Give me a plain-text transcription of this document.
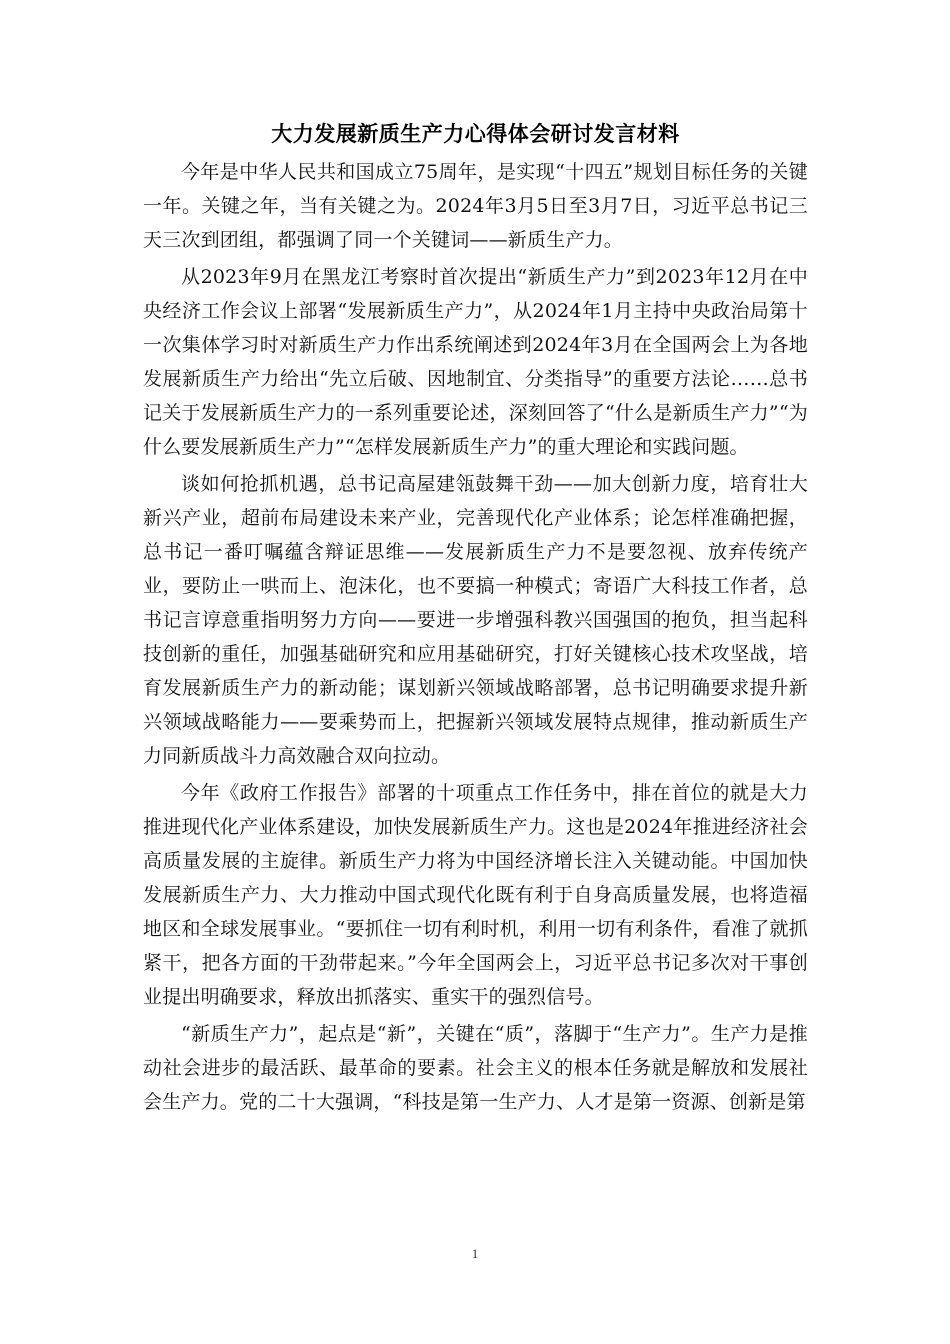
大力发展新质生产力心得体会研讨发言材料

今年是中华人民共和国成立75周年，是实现“十四五”规划目标任务的关键一年。关键之年，当有关键之为。2024年3月5日至3月7日，习近平总书记三天三次到团组，都强调了同一个关键词——新质生产力。

从2023年9月在黑龙江考察时首次提出“新质生产力”到2023年12月在中央经济工作会议上部署“发展新质生产力”，从2024年1月主持中央政治局第十一次集体学习时对新质生产力作出系统阐述到2024年3月在全国两会上为各地发展新质生产力给出“先立后破、因地制宜、分类指导”的重要方法论……总书记关于发展新质生产力的一系列重要论述，深刻回答了“什么是新质生产力”“为什么要发展新质生产力”“怎样发展新质生产力”的重大理论和实践问题。

谈如何抢抓机遇，总书记高屋建瓴鼓舞干劲——加大创新力度，培育壮大新兴产业，超前布局建设未来产业，完善现代化产业体系；论怎样准确把握，总书记一番叮嘱蕴含辩证思维——发展新质生产力不是要忽视、放弃传统产业，要防止一哄而上、泡沫化，也不要搞一种模式；寄语广大科技工作者，总书记言谆意重指明努力方向——要进一步增强科教兴国强国的抱负，担当起科技创新的重任，加强基础研究和应用基础研究，打好关键核心技术攻坚战，培育发展新质生产力的新动能；谋划新兴领域战略部署，总书记明确要求提升新兴领域战略能力——要乘势而上，把握新兴领域发展特点规律，推动新质生产力同新质战斗力高效融合双向拉动。

今年《政府工作报告》部署的十项重点工作任务中，排在首位的就是大力推进现代化产业体系建设，加快发展新质生产力。这也是2024年推进经济社会高质量发展的主旋律。新质生产力将为中国经济增长注入关键动能。中国加快发展新质生产力、大力推动中国式现代化既有利于自身高质量发展，也将造福地区和全球发展事业。“要抓住一切有利时机，利用一切有利条件，看准了就抓紧干，把各方面的干劲带起来。”今年全国两会上，习近平总书记多次对干事创业提出明确要求，释放出抓落实、重实干的强烈信号。

“新质生产力”，起点是“新”，关键在“质”，落脚于“生产力”。生产力是推动社会进步的最活跃、最革命的要素。社会主义的根本任务就是解放和发展社会生产力。党的二十大强调，“科技是第一生产力、人才是第一资源、创新是第

1
